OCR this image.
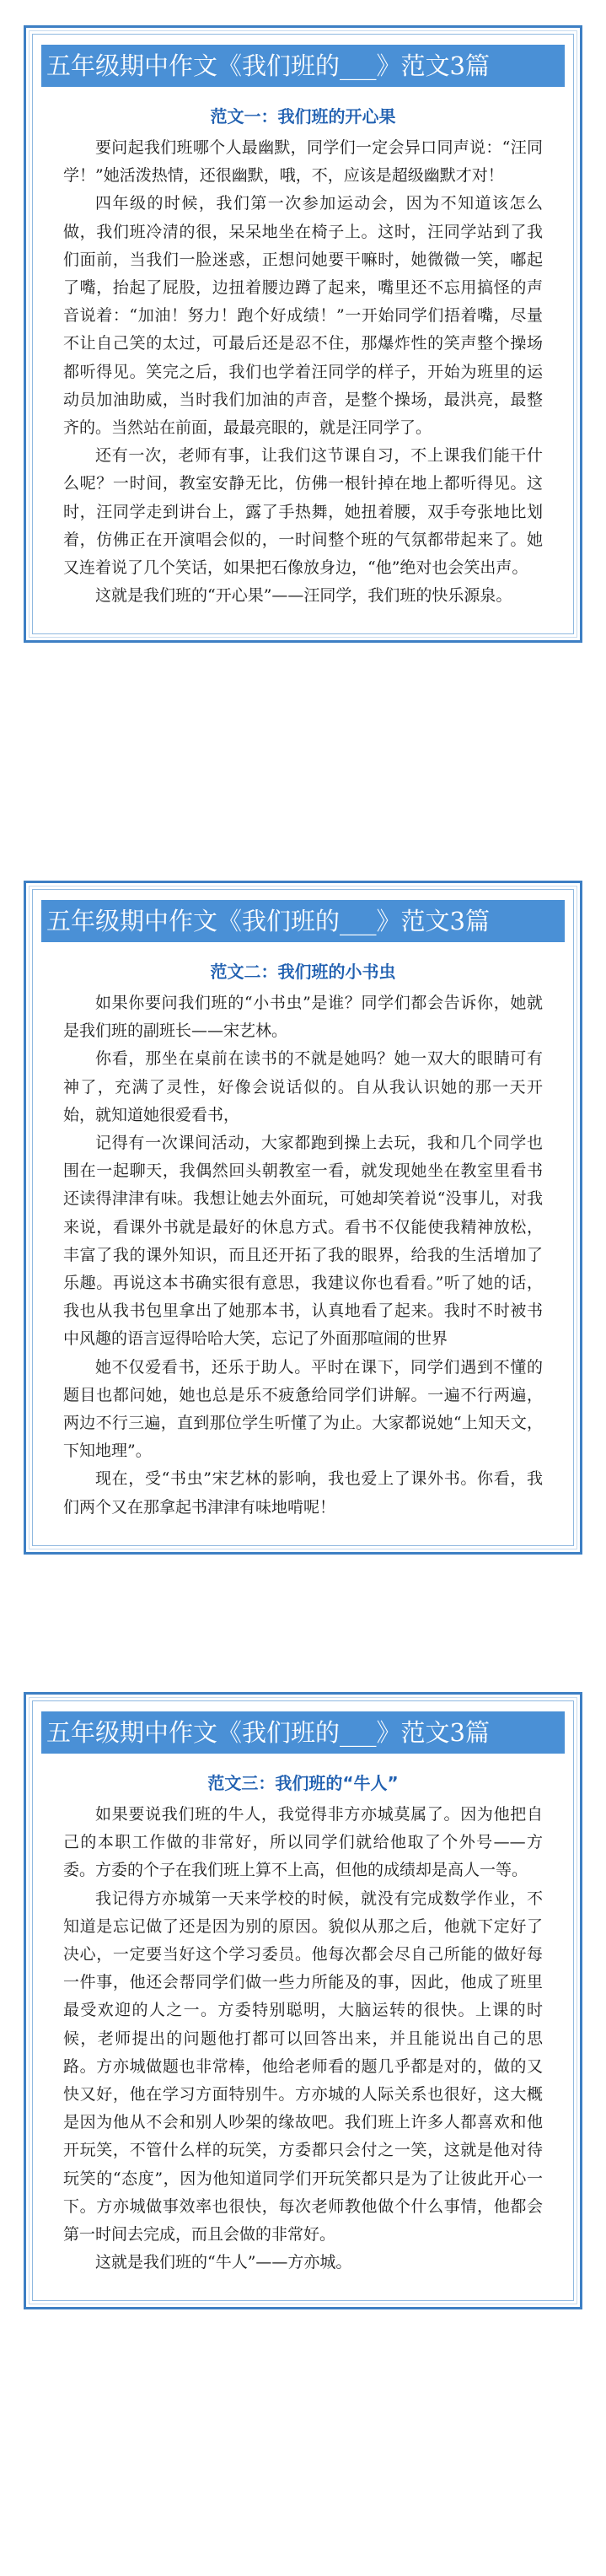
五年级期中作文《我们班的___》范文3篇
范文一：我们班的开心果

要问起我们班哪个人最幽默，同学们一定会异口同声说：“汪同学！”她活泼热情，还很幽默，哦，不，应该是超级幽默才对！

四年级的时候，我们第一次参加运动会，因为不知道该怎么做，我们班冷清的很，呆呆地坐在椅子上。这时，汪同学站到了我们面前，当我们一脸迷惑，正想问她要干嘛时，她微微一笑，嘟起了嘴，抬起了屁股，边扭着腰边蹲了起来，嘴里还不忘用搞怪的声音说着：“加油！努力！跑个好成绩！”一开始同学们捂着嘴，尽量不让自己笑的太过，可最后还是忍不住，那爆炸性的笑声整个操场都听得见。笑完之后，我们也学着汪同学的样子，开始为班里的运动员加油助威，当时我们加油的声音，是整个操场，最洪亮，最整齐的。当然站在前面，最最亮眼的，就是汪同学了。

还有一次，老师有事，让我们这节课自习，不上课我们能干什么呢？一时间，教室安静无比，仿佛一根针掉在地上都听得见。这时，汪同学走到讲台上，露了手热舞，她扭着腰，双手夸张地比划着，仿佛正在开演唱会似的，一时间整个班的气氛都带起来了。她又连着说了几个笑话，如果把石像放身边，“他”绝对也会笑出声。

这就是我们班的“开心果”——汪同学，我们班的快乐源泉。

五年级期中作文《我们班的___》范文3篇
范文二：我们班的小书虫

如果你要问我们班的“小书虫”是谁？同学们都会告诉你，她就是我们班的副班长——宋艺林。

你看，那坐在桌前在读书的不就是她吗？她一双大的眼睛可有神了，充满了灵性，好像会说话似的。自从我认识她的那一天开始，就知道她很爱看书，

记得有一次课间活动，大家都跑到操上去玩，我和几个同学也围在一起聊天，我偶然回头朝教室一看，就发现她坐在教室里看书还读得津津有味。我想让她去外面玩，可她却笑着说“没事儿，对我来说，看课外书就是最好的休息方式。看书不仅能使我精神放松，丰富了我的课外知识，而且还开拓了我的眼界，给我的生活增加了乐趣。再说这本书确实很有意思，我建议你也看看。”听了她的话，我也从我书包里拿出了她那本书，认真地看了起来。我时不时被书中风趣的语言逗得哈哈大笑，忘记了外面那喧闹的世界

她不仅爱看书，还乐于助人。平时在课下，同学们遇到不懂的题目也都问她，她也总是乐不疲惫给同学们讲解。一遍不行两遍，两边不行三遍，直到那位学生听懂了为止。大家都说她“上知天文，下知地理”。

现在，受“书虫”宋艺林的影响，我也爱上了课外书。你看，我们两个又在那拿起书津津有味地啃呢！

五年级期中作文《我们班的___》范文3篇
范文三：我们班的“牛人”

如果要说我们班的牛人，我觉得非方亦城莫属了。因为他把自己的本职工作做的非常好，所以同学们就给他取了个外号——方委。方委的个子在我们班上算不上高，但他的成绩却是高人一等。

我记得方亦城第一天来学校的时候，就没有完成数学作业，不知道是忘记做了还是因为别的原因。貌似从那之后，他就下定好了决心，一定要当好这个学习委员。他每次都会尽自己所能的做好每一件事，他还会帮同学们做一些力所能及的事，因此，他成了班里最受欢迎的人之一。方委特别聪明，大脑运转的很快。上课的时候，老师提出的问题他打都可以回答出来，并且能说出自己的思路。方亦城做题也非常棒，他给老师看的题几乎都是对的，做的又快又好，他在学习方面特别牛。方亦城的人际关系也很好，这大概是因为他从不会和别人吵架的缘故吧。我们班上许多人都喜欢和他开玩笑，不管什么样的玩笑，方委都只会付之一笑，这就是他对待玩笑的“态度”，因为他知道同学们开玩笑都只是为了让彼此开心一下。方亦城做事效率也很快，每次老师教他做个什么事情，他都会第一时间去完成，而且会做的非常好。

这就是我们班的“牛人”——方亦城。
